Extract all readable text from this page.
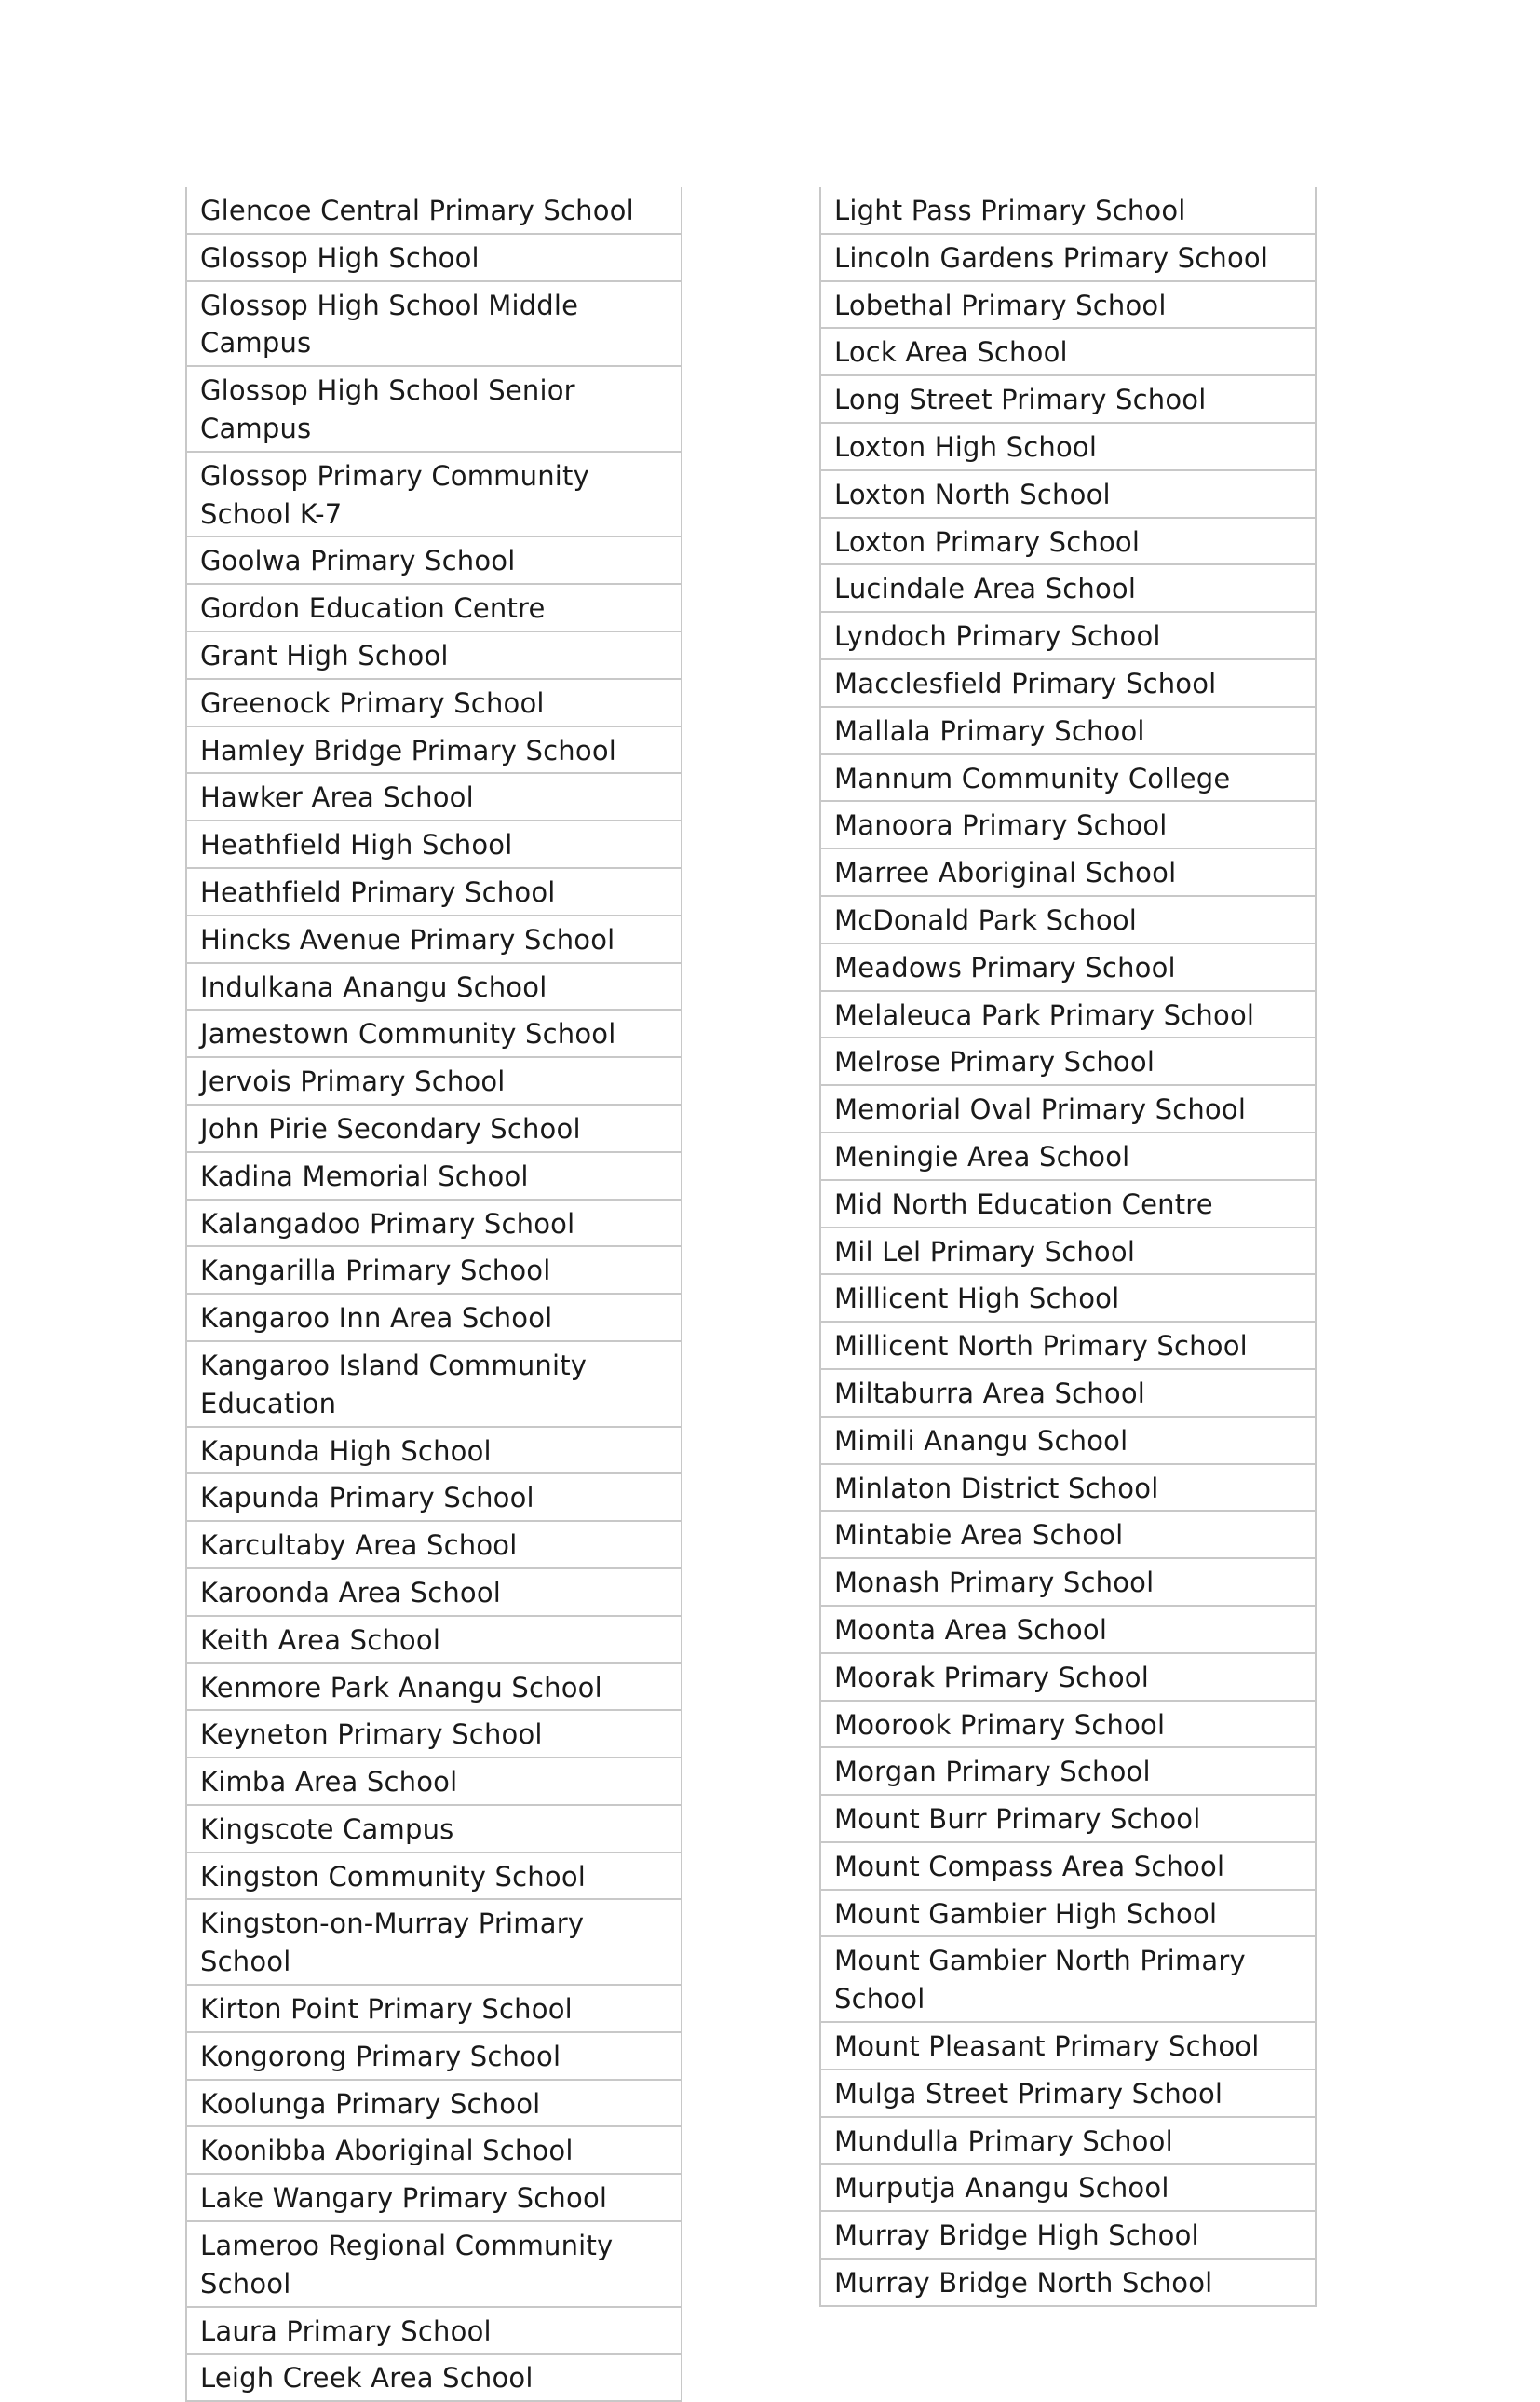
Glencoe Central Primary School
Glossop High School
Glossop High School Middle Campus
Glossop High School Senior Campus
Glossop Primary Community School K-7
Goolwa Primary School
Gordon Education Centre
Grant High School
Greenock Primary School
Hamley Bridge Primary School
Hawker Area School
Heathfield High School
Heathfield Primary School
Hincks Avenue Primary School
Indulkana Anangu School
Jamestown Community School
Jervois Primary School
John Pirie Secondary School
Kadina Memorial School
Kalangadoo Primary School
Kangarilla Primary School
Kangaroo Inn Area School
Kangaroo Island Community Education
Kapunda High School
Kapunda Primary School
Karcultaby Area School
Karoonda Area School
Keith Area School
Kenmore Park Anangu School
Keyneton Primary School
Kimba Area School
Kingscote Campus
Kingston Community School
Kingston-on-Murray Primary School
Kirton Point Primary School
Kongorong Primary School
Koolunga Primary School
Koonibba Aboriginal School
Lake Wangary Primary School
Lameroo Regional Community School
Laura Primary School
Leigh Creek Area School
Light Pass Primary School
Lincoln Gardens Primary School
Lobethal Primary School
Lock Area School
Long Street Primary School
Loxton High School
Loxton North School
Loxton Primary School
Lucindale Area School
Lyndoch Primary School
Macclesfield Primary School
Mallala Primary School
Mannum Community College
Manoora Primary School
Marree Aboriginal School
McDonald Park School
Meadows Primary School
Melaleuca Park Primary School
Melrose Primary School
Memorial Oval Primary School
Meningie Area School
Mid North Education Centre
Mil Lel Primary School
Millicent High School
Millicent North Primary School
Miltaburra Area School
Mimili Anangu School
Minlaton District School
Mintabie Area School
Monash Primary School
Moonta Area School
Moorak Primary School
Moorook Primary School
Morgan Primary School
Mount Burr Primary School
Mount Compass Area School
Mount Gambier High School
Mount Gambier North Primary School
Mount Pleasant Primary School
Mulga Street Primary School
Mundulla Primary School
Murputja Anangu School
Murray Bridge High School
Murray Bridge North School
